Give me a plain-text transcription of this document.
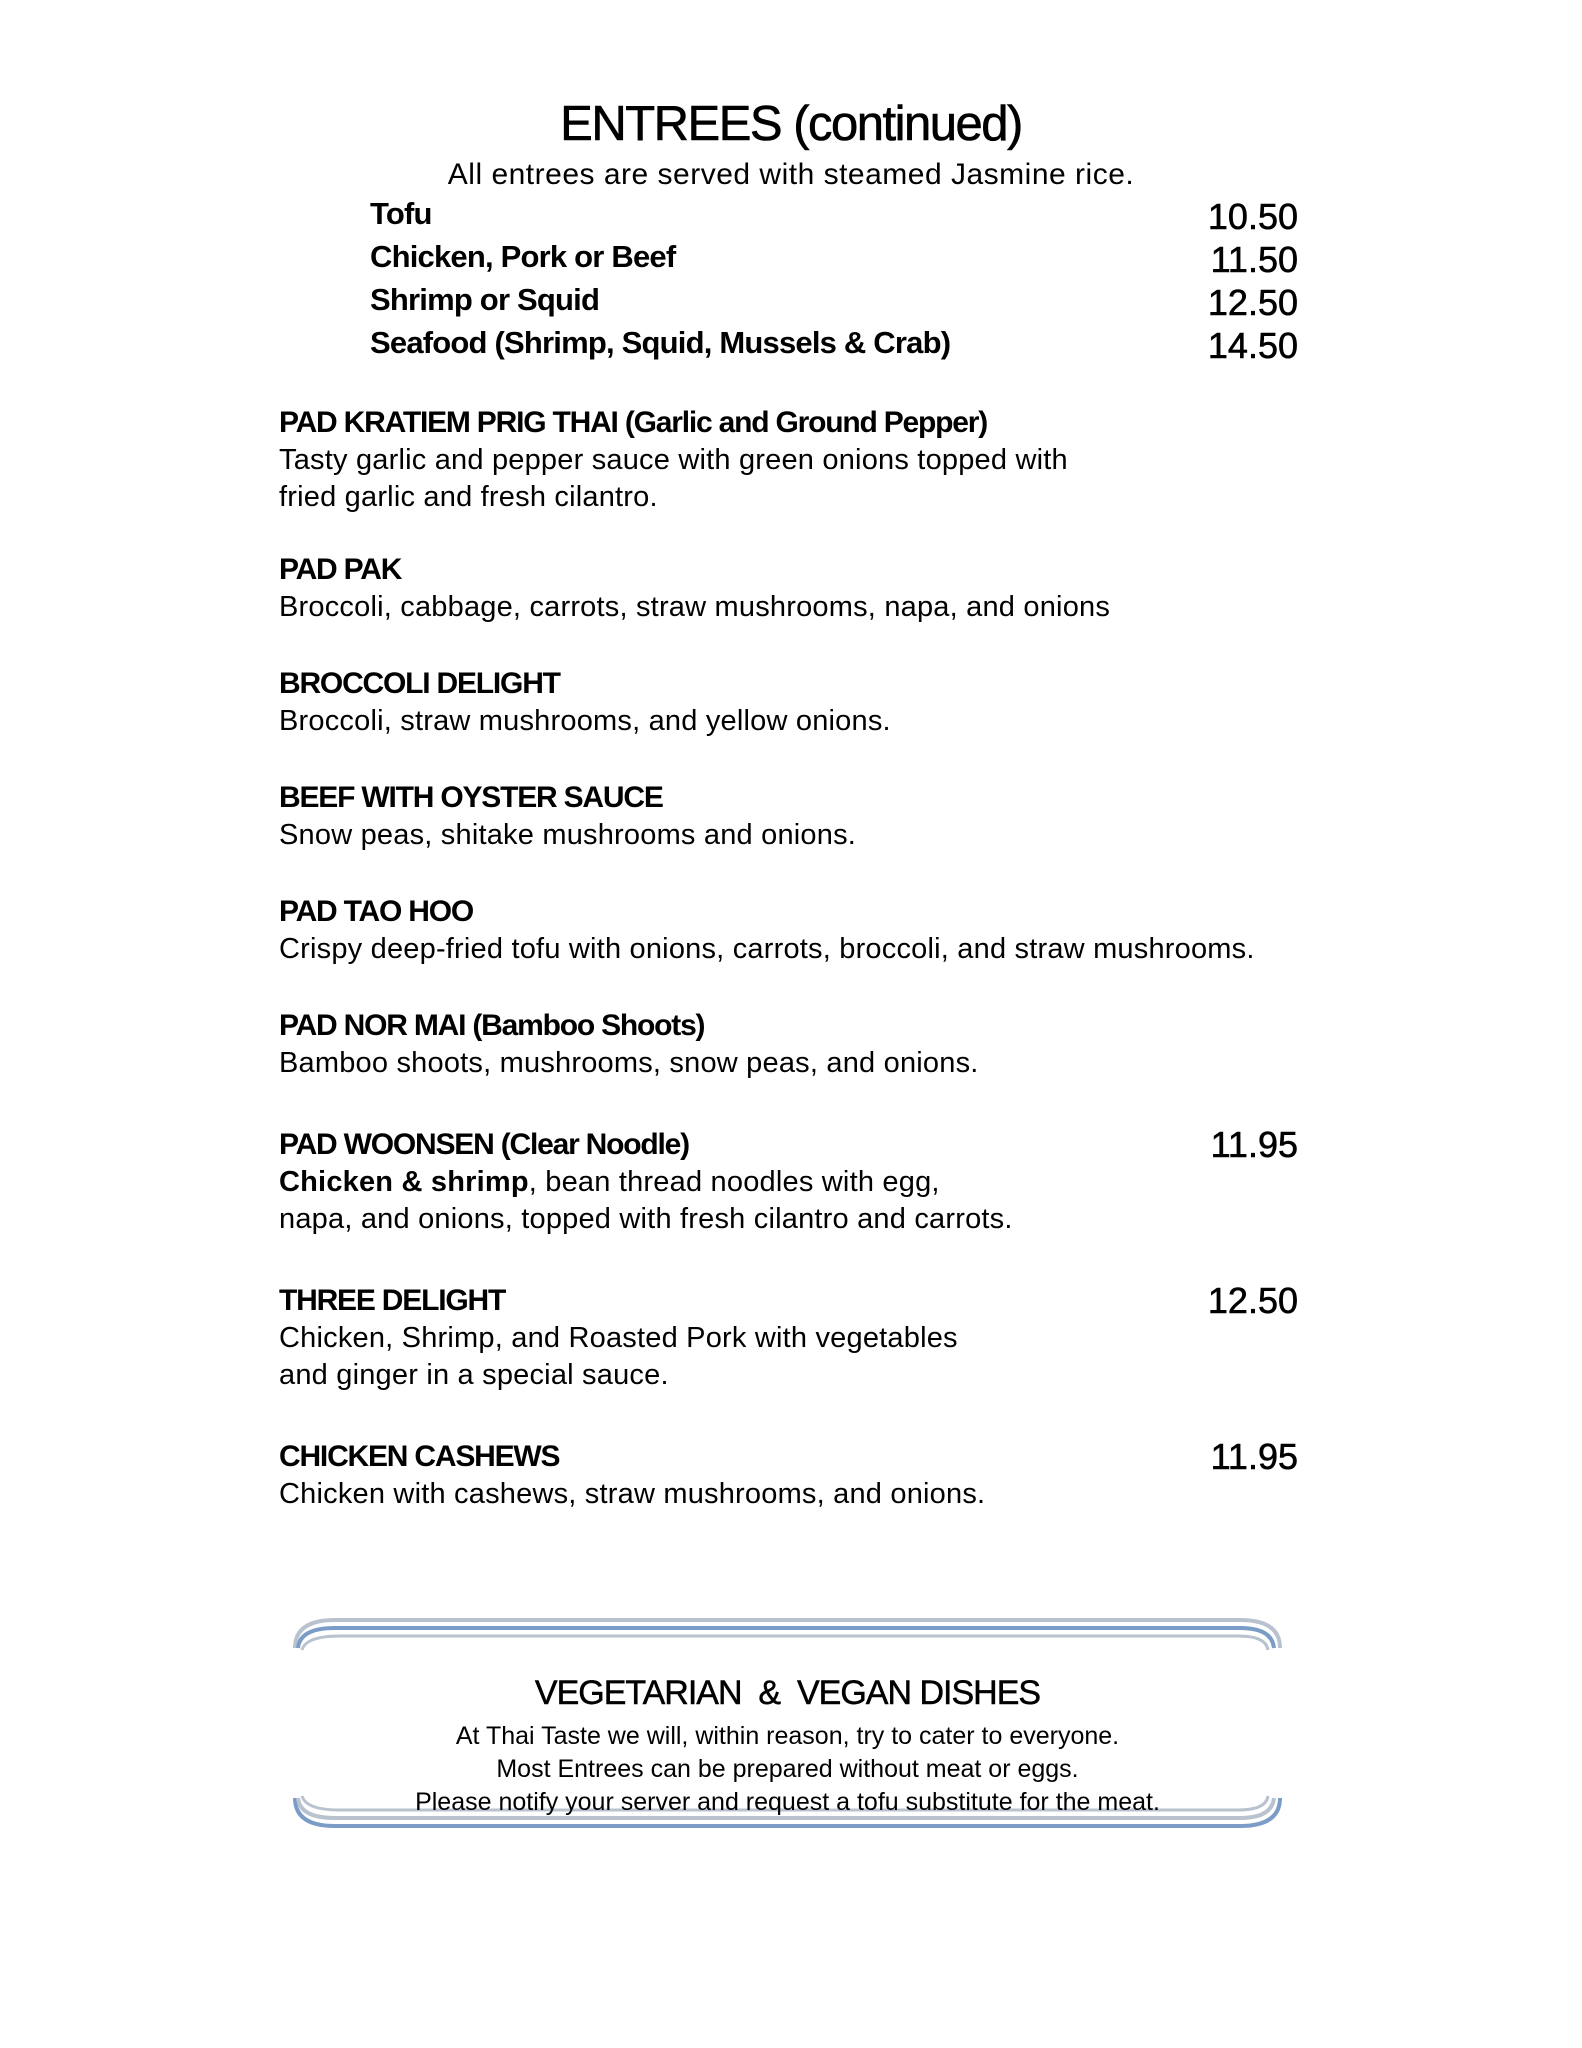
ENTREES (continued)
All entrees are served with steamed Jasmine rice.
Tofu	10.50
Chicken, Pork or Beef	11.50
Shrimp or Squid	12.50
Seafood (Shrimp, Squid, Mussels & Crab)	14.50
PAD KRATIEM PRIG THAI (Garlic and Ground Pepper)
Tasty garlic and pepper sauce with green onions topped with
fried garlic and fresh cilantro.
PAD PAK
Broccoli, cabbage, carrots, straw mushrooms, napa, and onions
BROCCOLI DELIGHT
Broccoli, straw mushrooms, and yellow onions.
BEEF WITH OYSTER SAUCE
Snow peas, shitake mushrooms and onions.
PAD TAO HOO
Crispy deep-fried tofu with onions, carrots, broccoli, and straw mushrooms.
PAD NOR MAI (Bamboo Shoots)
Bamboo shoots, mushrooms, snow peas, and onions.
PAD WOONSEN (Clear Noodle)	11.95
Chicken & shrimp, bean thread noodles with egg,
napa, and onions, topped with fresh cilantro and carrots.
THREE DELIGHT	12.50
Chicken, Shrimp, and Roasted Pork with vegetables
and ginger in a special sauce.
CHICKEN CASHEWS	11.95
Chicken with cashews, straw mushrooms, and onions.
VEGETARIAN  &  VEGAN DISHES
At Thai Taste we will, within reason, try to cater to everyone.
Most Entrees can be prepared without meat or eggs.
Please notify your server and request a tofu substitute for the meat.
